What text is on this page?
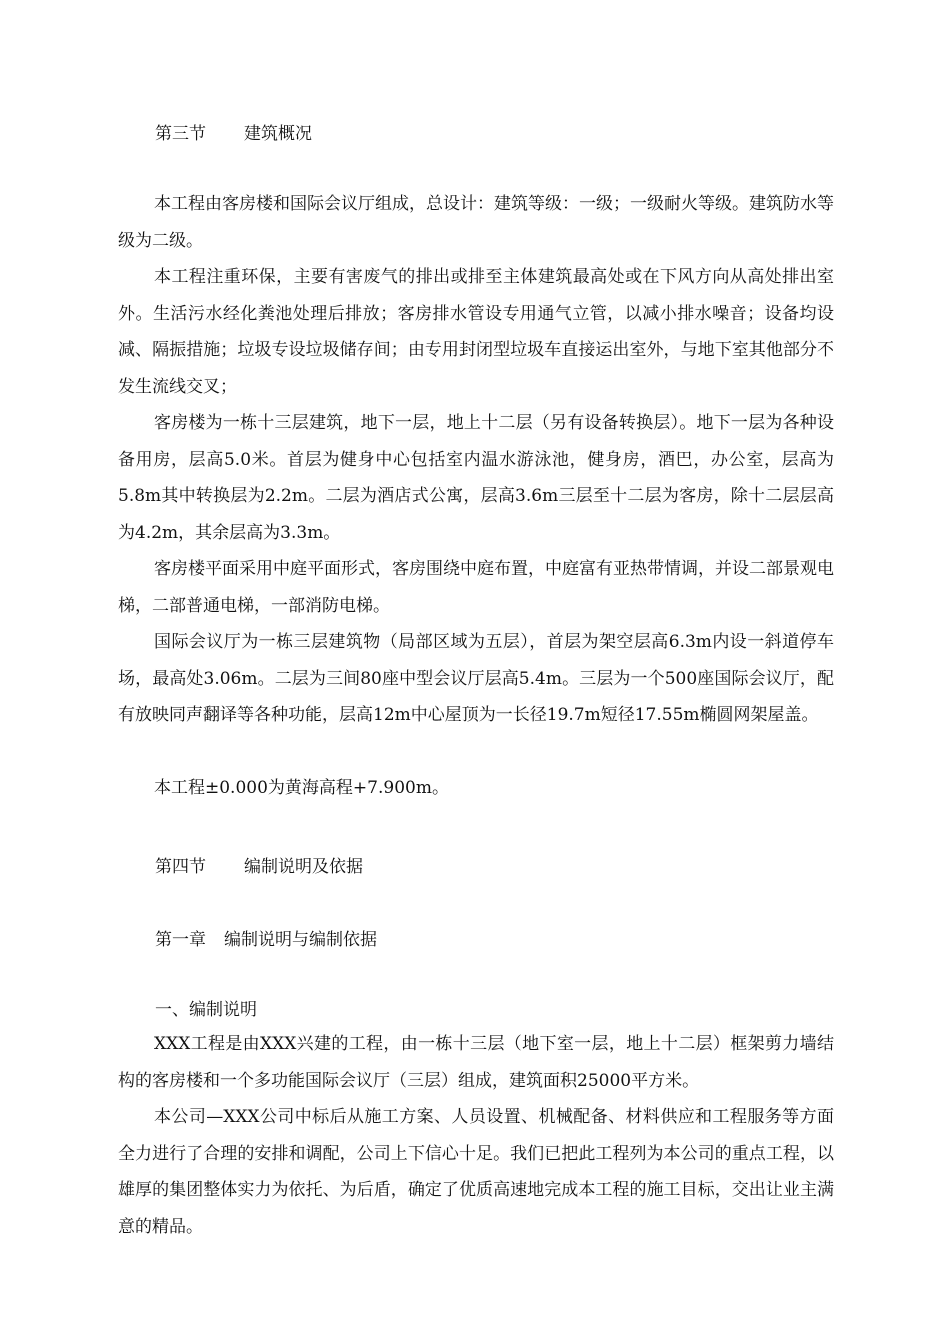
第三节 建筑概况

本工程由客房楼和国际会议厅组成，总设计：建筑等级：一级；一级耐火等级。建筑防水等级为二级。

本工程注重环保，主要有害废气的排出或排至主体建筑最高处或在下风方向从高处排出室外。生活污水经化粪池处理后排放；客房排水管设专用通气立管，以减小排水噪音；设备均设减、隔振措施；垃圾专设垃圾储存间；由专用封闭型垃圾车直接运出室外，与地下室其他部分不发生流线交叉；

客房楼为一栋十三层建筑，地下一层，地上十二层（另有设备转换层）。地下一层为各种设备用房，层高5.0米。首层为健身中心包括室内温水游泳池，健身房，酒巴，办公室，层高为5.8m其中转换层为2.2m。二层为酒店式公寓，层高3.6m三层至十二层为客房，除十二层层高为4.2m，其余层高为3.3m。

客房楼平面采用中庭平面形式，客房围绕中庭布置，中庭富有亚热带情调，并设二部景观电梯，二部普通电梯，一部消防电梯。

国际会议厅为一栋三层建筑物（局部区域为五层），首层为架空层高6.3m内设一斜道停车场，最高处3.06m。二层为三间80座中型会议厅层高5.4m。三层为一个500座国际会议厅，配有放映同声翻译等各种功能，层高12m中心屋顶为一长径19.7m短径17.55m椭圆网架屋盖。

本工程±0.000为黄海高程+7.900m。

第四节 编制说明及依据
第一章 编制说明与编制依据
一、编制说明

XXX工程是由XXX兴建的工程，由一栋十三层（地下室一层，地上十二层）框架剪力墙结构的客房楼和一个多功能国际会议厅（三层）组成，建筑面积25000平方米。

本公司—XXX公司中标后从施工方案、人员设置、机械配备、材料供应和工程服务等方面全力进行了合理的安排和调配，公司上下信心十足。我们已把此工程列为本公司的重点工程，以雄厚的集团整体实力为依托、为后盾，确定了优质高速地完成本工程的施工目标，交出让业主满意的精品。
